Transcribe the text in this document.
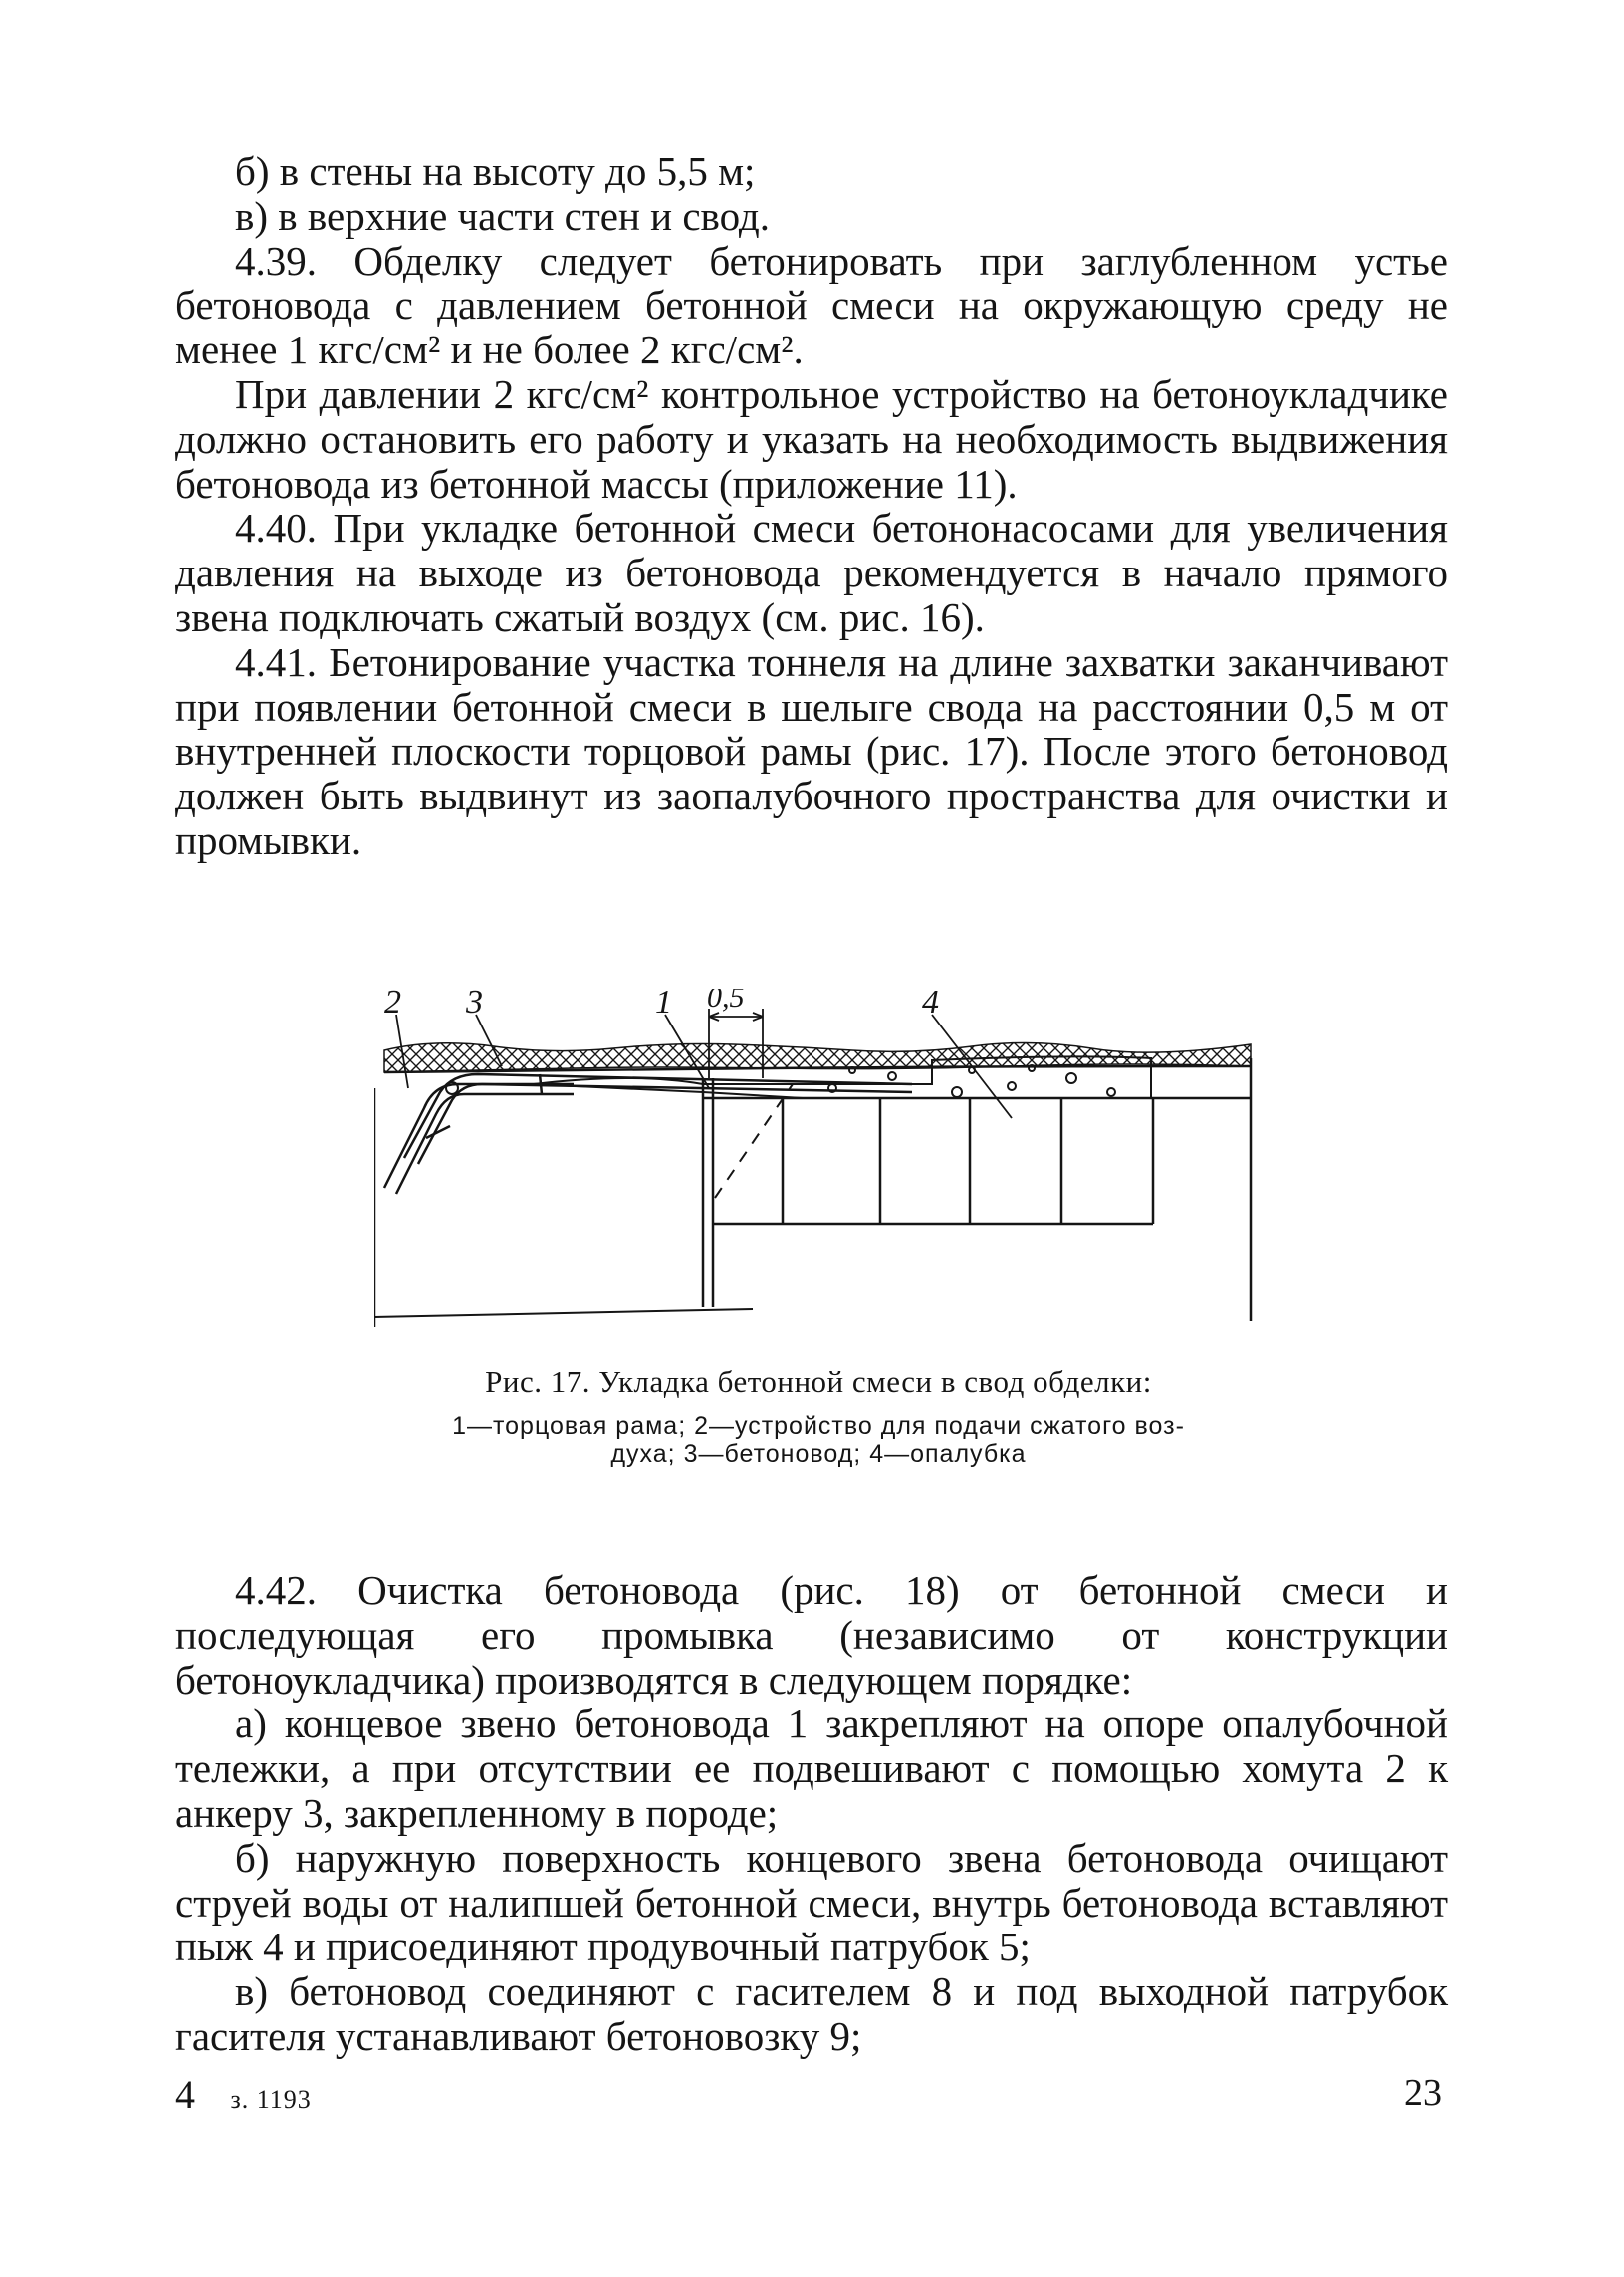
б) в стены на высоту до 5,5 м;

в) в верхние части стен и свод.

4.39. Обделку следует бетонировать при заглубленном устье бетоновода с давлением бетонной смеси на окружающую среду не менее 1 кгс/см² и не более 2 кгс/см².

При давлении 2 кгс/см² контрольное устройство на бетоноукладчике должно остановить его работу и указать на необходимость выдвижения бетоновода из бетонной массы (приложение 11).

4.40. При укладке бетонной смеси бетононасосами для увеличения давления на выходе из бетоновода рекомендуется в начало прямого звена подключать сжатый воздух (см. рис. 16).

4.41. Бетонирование участка тоннеля на длине захватки заканчивают при появлении бетонной смеси в шелыге свода на расстоянии 0,5 м от внутренней плоскости торцовой рамы (рис. 17). После этого бетоновод должен быть выдвинут из заопалубочного пространства для очистки и промывки.

2 3	1 0,5	4
Рис. 17. Укладка бетонной смеси в свод обделки:
1—торцовая рама; 2—устройство для подачи сжатого воз-
духа; 3—бетоновод; 4—опалубка

4.42. Очистка бетоновода (рис. 18) от бетонной смеси и последующая его промывка (независимо от конструкции бетоноукладчика) производятся в следующем порядке:

а) концевое звено бетоновода 1 закрепляют на опоре опалубочной тележки, а при отсутствии ее подвешивают с помощью хомута 2 к анкеру 3, закрепленному в породе;

б) наружную поверхность концевого звена бетоновода очищают струей воды от налипшей бетонной смеси, внутрь бетоновода вставляют пыж 4 и присоединяют продувочный патрубок 5;

в) бетоновод соединяют с гасителем 8 и под выходной патрубок гасителя устанавливают бетоновозку 9;

4 з. 1193	23
